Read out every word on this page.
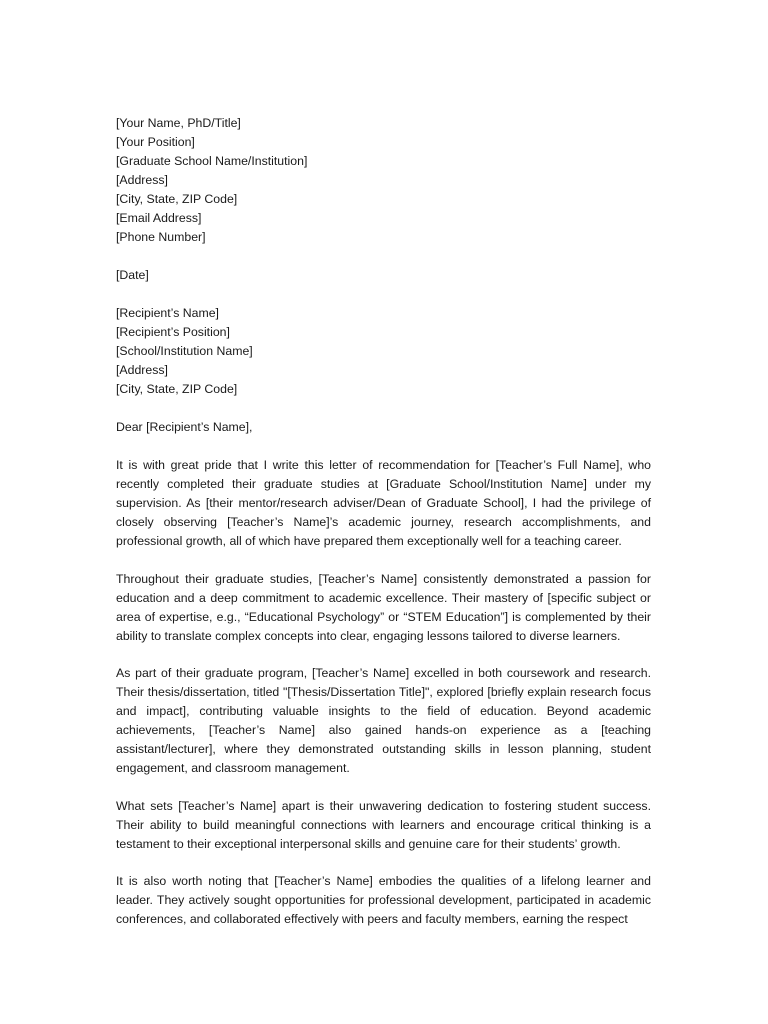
[Your Name, PhD/Title]
[Your Position]
[Graduate School Name/Institution]
[Address]
[City, State, ZIP Code]
[Email Address]
[Phone Number]
[Date]
[Recipient’s Name]
[Recipient’s Position]
[School/Institution Name]
[Address]
[City, State, ZIP Code]
Dear [Recipient’s Name],

It is with great pride that I write this letter of recommendation for [Teacher’s Full Name], who recently completed their graduate studies at [Graduate School/Institution Name] under my supervision. As [their mentor/research adviser/Dean of Graduate School], I had the privilege of closely observing [Teacher’s Name]’s academic journey, research accomplishments, and professional growth, all of which have prepared them exceptionally well for a teaching career.

Throughout their graduate studies, [Teacher’s Name] consistently demonstrated a passion for education and a deep commitment to academic excellence. Their mastery of [specific subject or area of expertise, e.g., “Educational Psychology” or “STEM Education”] is complemented by their ability to translate complex concepts into clear, engaging lessons tailored to diverse learners.

As part of their graduate program, [Teacher’s Name] excelled in both coursework and research. Their thesis/dissertation, titled "[Thesis/Dissertation Title]", explored [briefly explain research focus and impact], contributing valuable insights to the field of education. Beyond academic achievements, [Teacher’s Name] also gained hands-on experience as a [teaching assistant/lecturer], where they demonstrated outstanding skills in lesson planning, student engagement, and classroom management.

What sets [Teacher’s Name] apart is their unwavering dedication to fostering student success. Their ability to build meaningful connections with learners and encourage critical thinking is a testament to their exceptional interpersonal skills and genuine care for their students’ growth.

It is also worth noting that [Teacher’s Name] embodies the qualities of a lifelong learner and leader. They actively sought opportunities for professional development, participated in academic conferences, and collaborated effectively with peers and faculty members, earning the respect
